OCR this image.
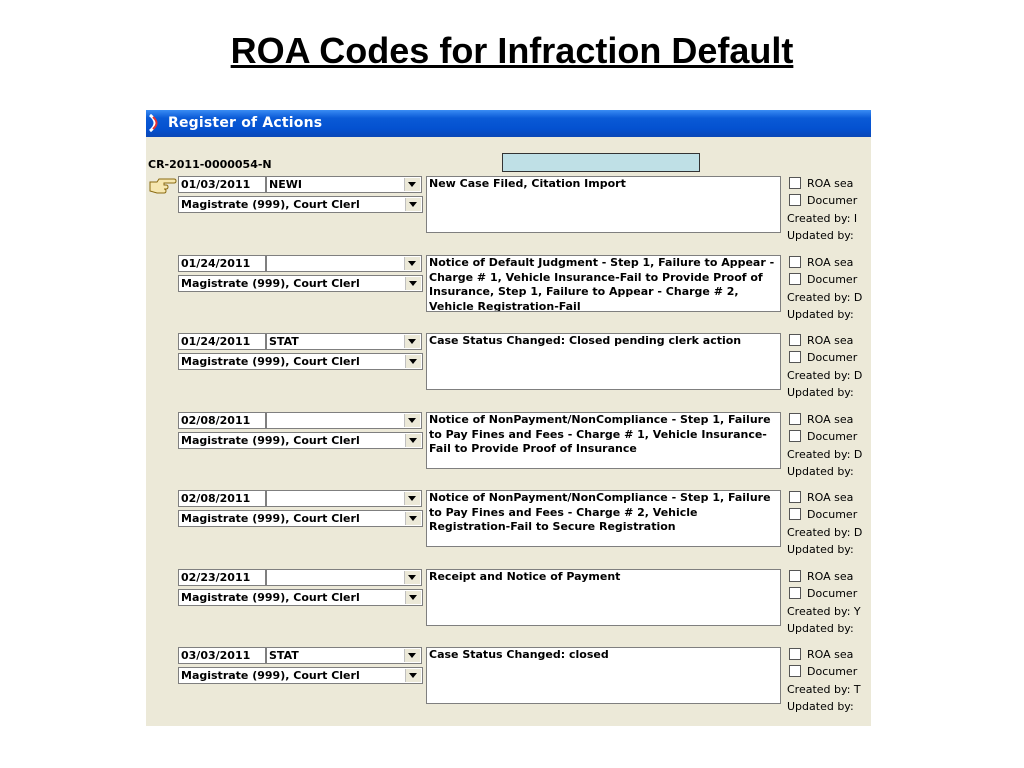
ROA Codes for Infraction Default
Register of Actions
CR-2011-0000054-N
01/03/2011	NEWI
Magistrate (999), Court Clerl
New Case Filed, Citation Import	ROA sea
Documer
Created by: I
Updated by:
01/24/2011
Magistrate (999), Court Clerl
Notice of Default Judgment - Step 1, Failure to Appear - Charge # 1, Vehicle Insurance-Fail to Provide Proof of Insurance, Step 1, Failure to Appear - Charge # 2, Vehicle Registration-Fail
ROA sea
Documer
Created by: D
Updated by:
01/24/2011	STAT
Magistrate (999), Court Clerl
Case Status Changed: Closed pending clerk action	ROA sea
Documer
Created by: D
Updated by:
02/08/2011
Magistrate (999), Court Clerl
Notice of NonPayment/NonCompliance - Step 1, Failure to Pay Fines and Fees - Charge # 1, Vehicle Insurance-Fail to Provide Proof of Insurance
ROA sea
Documer
Created by: D
Updated by:
02/08/2011
Magistrate (999), Court Clerl
Notice of NonPayment/NonCompliance - Step 1, Failure to Pay Fines and Fees - Charge # 2, Vehicle Registration-Fail to Secure Registration
ROA sea
Documer
Created by: D
Updated by:
02/23/2011
Magistrate (999), Court Clerl
Receipt and Notice of Payment	ROA sea
Documer
Created by: Y
Updated by:
03/03/2011	STAT
Magistrate (999), Court Clerl
Case Status Changed: closed	ROA sea
Documer
Created by: T
Updated by:
